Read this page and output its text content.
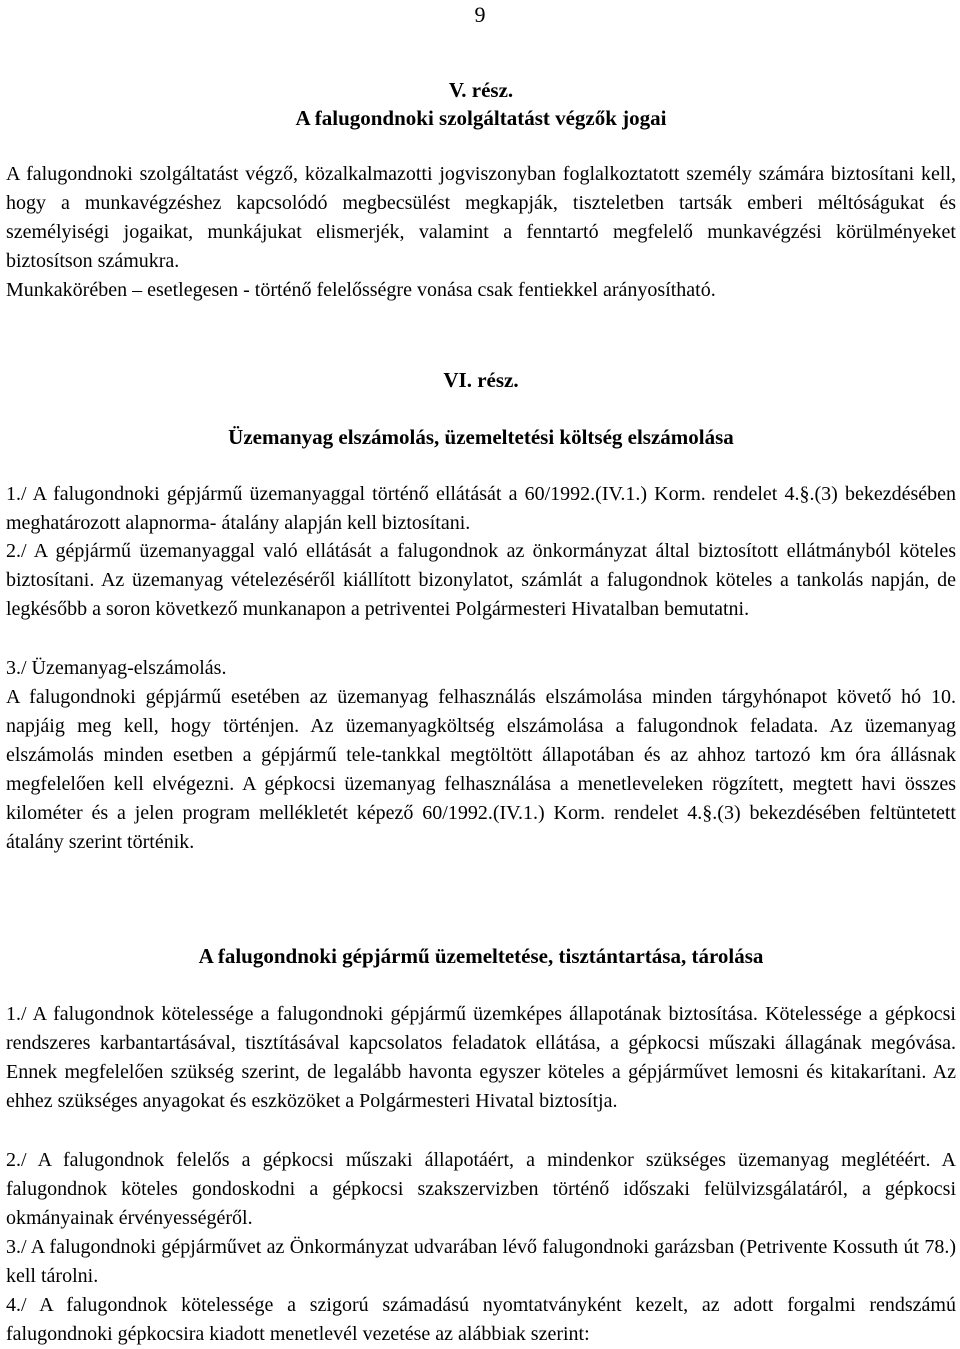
9
V. rész.
A falugondnoki szolgáltatást végzők jogai

A falugondnoki szolgáltatást végző, közalkalmazotti jogviszonyban foglalkoztatott személy számára biztosítani kell, hogy a munkavégzéshez kapcsolódó megbecsülést megkapják, tiszteletben tartsák emberi méltóságukat és személyiségi jogaikat, munkájukat elismerjék, valamint a fenntartó megfelelő munkavégzési körülményeket biztosítson számukra.

Munkakörében – esetlegesen - történő felelősségre vonása csak fentiekkel arányosítható.

VI. rész.
Üzemanyag elszámolás, üzemeltetési költség elszámolása

1./ A falugondnoki gépjármű üzemanyaggal történő ellátását a 60/1992.(IV.1.) Korm. rendelet 4.§.(3) bekezdésében meghatározott alapnorma- átalány alapján kell biztosítani.

2./ A gépjármű üzemanyaggal való ellátását a falugondnok az önkormányzat által biztosított ellátmányból köteles biztosítani. Az üzemanyag vételezéséről kiállított bizonylatot, számlát a falugondnok köteles a tankolás napján, de legkésőbb a soron következő munkanapon a petriventei Polgármesteri Hivatalban bemutatni.

3./ Üzemanyag-elszámolás.

A falugondnoki gépjármű esetében az üzemanyag felhasználás elszámolása minden tárgyhónapot követő hó 10. napjáig meg kell, hogy történjen. Az üzemanyagköltség elszámolása a falugondnok feladata. Az üzemanyag elszámolás minden esetben a gépjármű tele-tankkal megtöltött állapotában és az ahhoz tartozó km óra állásnak megfelelően kell elvégezni. A gépkocsi üzemanyag felhasználása a menetleveleken rögzített, megtett havi összes kilométer és a jelen program mellékletét képező 60/1992.(IV.1.) Korm. rendelet 4.§.(3) bekezdésében feltüntetett átalány szerint történik.

A falugondnoki gépjármű üzemeltetése, tisztántartása, tárolása

1./ A falugondnok kötelessége a falugondnoki gépjármű üzemképes állapotának biztosítása. Kötelessége a gépkocsi rendszeres karbantartásával, tisztításával kapcsolatos feladatok ellátása, a gépkocsi műszaki állagának megóvása. Ennek megfelelően szükség szerint, de legalább havonta egyszer köteles a gépjárművet lemosni és kitakarítani. Az ehhez szükséges anyagokat és eszközöket a Polgármesteri Hivatal biztosítja.

2./ A falugondnok felelős a gépkocsi műszaki állapotáért, a mindenkor szükséges üzemanyag meglétéért. A falugondnok köteles gondoskodni a gépkocsi szakszervizben történő időszaki felülvizsgálatáról, a gépkocsi okmányainak érvényességéről.

3./ A falugondnoki gépjárművet az Önkormányzat udvarában lévő falugondnoki garázsban (Petrivente Kossuth út 78.) kell tárolni.

4./ A falugondnok kötelessége a szigorú számadású nyomtatványként kezelt, az adott forgalmi rendszámú falugondnoki gépkocsira kiadott menetlevél vezetése az alábbiak szerint:
